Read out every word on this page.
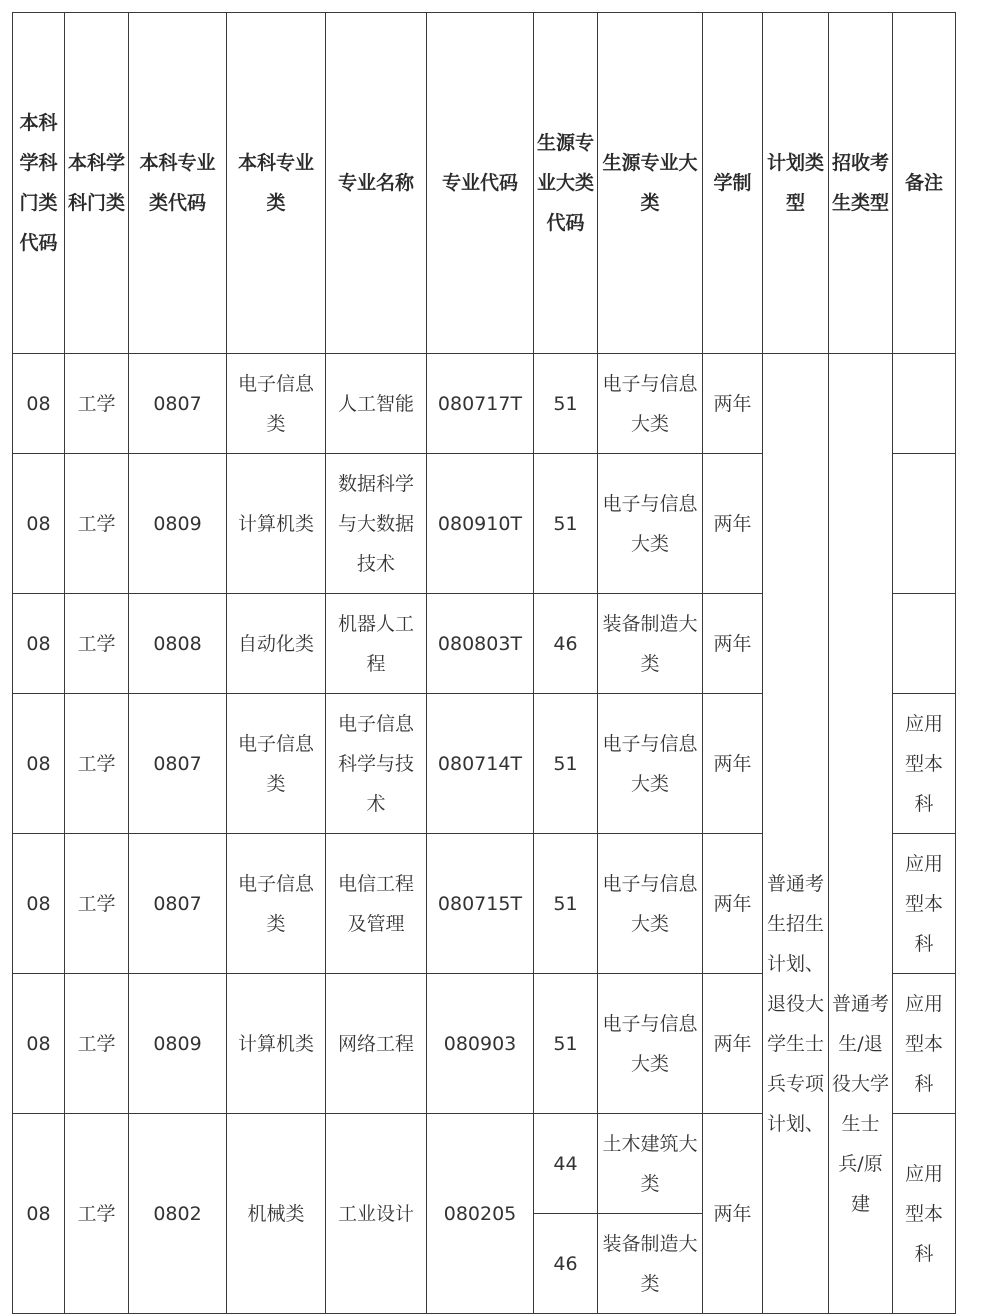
本科学科门类代码	本科学科门类	本科专业类代码	本科专业类	专业名称	专业代码	生源专业大类代码	生源专业大类	学制	计划类型	招收考生类型	备注
08	工学	0807	电子信息类	人工智能	080717T	51	电子与信息大类	两年	普通考生招生计划、退役大学生士兵专项计划、	普通考生/退役大学生士兵/原建	

08	工学	0809	计算机类	数据科学与大数据技术	080910T	51	电子与信息大类	两年			
08	工学	0808	自动化类	机器人工程	080803T	46	装备制造大类	两年			
08	工学	0807	电子信息类	电子信息科学与技术	080714T	51	电子与信息大类	两年			应用型本科
08	工学	0807	电子信息类	电信工程及管理	080715T	51	电子与信息大类	两年			应用型本科
08	工学	0809	计算机类	网络工程	080903	51	电子与信息大类	两年			应用型本科
08	工学	0802	机械类	工业设计	080205	44	土木建筑大类	两年			应用型本科
						46	装备制造大类				
